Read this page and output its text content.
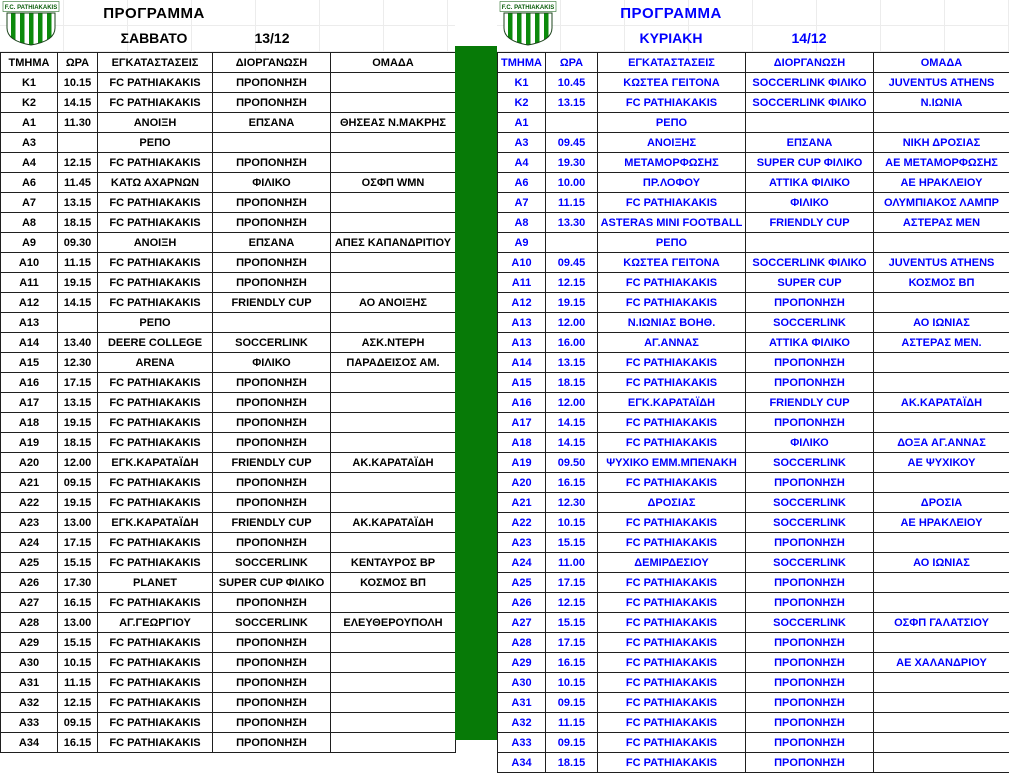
F.C. PATHIAKAKIS	ΠΡΟΓΡΑΜΜΑ
ΣΑΒΒΑΤΟ	13/12
ΤΜΗΜΑ	ΩΡΑ	ΕΓΚΑΤΑΣΤΑΣΕΙΣ	ΔΙΟΡΓΑΝΩΣΗ	ΟΜΑΔΑ
K1	10.15	FC PATHIAKAKIS	ΠΡΟΠΟΝΗΣΗ	
K2	14.15	FC PATHIAKAKIS	ΠΡΟΠΟΝΗΣΗ	
A1	11.30	ΑΝΟΙΞΗ	ΕΠΣΑΝΑ	ΘΗΣΕΑΣ Ν.ΜΑΚΡΗΣ
A3		ΡΕΠΟ		
A4	12.15	FC PATHIAKAKIS	ΠΡΟΠΟΝΗΣΗ	
A6	11.45	ΚΑΤΩ ΑΧΑΡΝΩΝ	ΦΙΛΙΚΟ	ΟΣΦΠ WMN
A7	13.15	FC PATHIAKAKIS	ΠΡΟΠΟΝΗΣΗ	
A8	18.15	FC PATHIAKAKIS	ΠΡΟΠΟΝΗΣΗ	
A9	09.30	ΑΝΟΙΞΗ	ΕΠΣΑΝΑ	ΑΠΕΣ ΚΑΠΑΝΔΡΙΤΙΟΥ
A10	11.15	FC PATHIAKAKIS	ΠΡΟΠΟΝΗΣΗ	
A11	19.15	FC PATHIAKAKIS	ΠΡΟΠΟΝΗΣΗ	
A12	14.15	FC PATHIAKAKIS	FRIENDLY CUP	ΑΟ ΑΝΟΙΞΗΣ
A13		ΡΕΠΟ		
A14	13.40	DEERE COLLEGE	SOCCERLINK	ΑΣΚ.ΝΤΕΡΗ
A15	12.30	ARENA	ΦΙΛΙΚΟ	ΠΑΡΑΔΕΙΣΟΣ ΑΜ.
A16	17.15	FC PATHIAKAKIS	ΠΡΟΠΟΝΗΣΗ	
A17	13.15	FC PATHIAKAKIS	ΠΡΟΠΟΝΗΣΗ	
A18	19.15	FC PATHIAKAKIS	ΠΡΟΠΟΝΗΣΗ	
A19	18.15	FC PATHIAKAKIS	ΠΡΟΠΟΝΗΣΗ	
A20	12.00	ΕΓΚ.ΚΑΡΑΤΑΪΔΗ	FRIENDLY CUP	ΑΚ.ΚΑΡΑΤΑΪΔΗ
A21	09.15	FC PATHIAKAKIS	ΠΡΟΠΟΝΗΣΗ	
A22	19.15	FC PATHIAKAKIS	ΠΡΟΠΟΝΗΣΗ	
A23	13.00	ΕΓΚ.ΚΑΡΑΤΑΪΔΗ	FRIENDLY CUP	ΑΚ.ΚΑΡΑΤΑΪΔΗ
A24	17.15	FC PATHIAKAKIS	ΠΡΟΠΟΝΗΣΗ	
A25	15.15	FC PATHIAKAKIS	SOCCERLINK	ΚΕΝΤΑΥΡΟΣ ΒΡ
A26	17.30	PLANET	SUPER CUP ΦΙΛΙΚΟ	ΚΟΣΜΟΣ ΒΠ
A27	16.15	FC PATHIAKAKIS	ΠΡΟΠΟΝΗΣΗ	
A28	13.00	ΑΓ.ΓΕΩΡΓΙΟΥ	SOCCERLINK	ΕΛΕΥΘΕΡΟΥΠΟΛΗ
A29	15.15	FC PATHIAKAKIS	ΠΡΟΠΟΝΗΣΗ	
A30	10.15	FC PATHIAKAKIS	ΠΡΟΠΟΝΗΣΗ	
A31	11.15	FC PATHIAKAKIS	ΠΡΟΠΟΝΗΣΗ	
A32	12.15	FC PATHIAKAKIS	ΠΡΟΠΟΝΗΣΗ	
A33	09.15	FC PATHIAKAKIS	ΠΡΟΠΟΝΗΣΗ	
A34	16.15	FC PATHIAKAKIS	ΠΡΟΠΟΝΗΣΗ	
F.C. PATHIAKAKIS	ΠΡΟΓΡΑΜΜΑ
ΚΥΡΙΑΚΗ	14/12
ΤΜΗΜΑ	ΩΡΑ	ΕΓΚΑΤΑΣΤΑΣΕΙΣ	ΔΙΟΡΓΑΝΩΣΗ	ΟΜΑΔΑ
K1	10.45	ΚΩΣΤΕΑ ΓΕΙΤΟΝΑ	SOCCERLINK ΦΙΛΙΚΟ	JUVENTUS ATHENS
K2	13.15	FC PATHIAKAKIS	SOCCERLINK ΦΙΛΙΚΟ	Ν.ΙΩΝΙΑ
A1		ΡΕΠΟ		
A3	09.45	ΑΝΟΙΞΗΣ	ΕΠΣΑΝΑ	ΝΙΚΗ ΔΡΟΣΙΑΣ
A4	19.30	ΜΕΤΑΜΟΡΦΩΣΗΣ	SUPER CUP ΦΙΛΙΚΟ	ΑΕ ΜΕΤΑΜΟΡΦΩΣΗΣ
A6	10.00	ΠΡ.ΛΟΦΟΥ	ΑΤΤΙΚΑ ΦΙΛΙΚΟ	ΑΕ ΗΡΑΚΛΕΙΟΥ
A7	11.15	FC PATHIAKAKIS	ΦΙΛΙΚΟ	ΟΛΥΜΠΙΑΚΟΣ ΛΑΜΠΡ
A8	13.30	ASTERAS MINI FOOTBALL	FRIENDLY CUP	ΑΣΤΕΡΑΣ ΜΕΝ
A9		ΡΕΠΟ		
A10	09.45	ΚΩΣΤΕΑ ΓΕΙΤΟΝΑ	SOCCERLINK ΦΙΛΙΚΟ	JUVENTUS ATHENS
A11	12.15	FC PATHIAKAKIS	SUPER CUP	ΚΟΣΜΟΣ ΒΠ
A12	19.15	FC PATHIAKAKIS	ΠΡΟΠΟΝΗΣΗ	
A13	12.00	Ν.ΙΩΝΙΑΣ ΒΟΗΘ.	SOCCERLINK	ΑΟ ΙΩΝΙΑΣ
A13	16.00	ΑΓ.ΑΝΝΑΣ	ΑΤΤΙΚΑ ΦΙΛΙΚΟ	ΑΣΤΕΡΑΣ ΜΕΝ.
A14	13.15	FC PATHIAKAKIS	ΠΡΟΠΟΝΗΣΗ	
A15	18.15	FC PATHIAKAKIS	ΠΡΟΠΟΝΗΣΗ	
A16	12.00	ΕΓΚ.ΚΑΡΑΤΑΪΔΗ	FRIENDLY CUP	ΑΚ.ΚΑΡΑΤΑΪΔΗ
A17	14.15	FC PATHIAKAKIS	ΠΡΟΠΟΝΗΣΗ	
A18	14.15	FC PATHIAKAKIS	ΦΙΛΙΚΟ	ΔΟΞΑ ΑΓ.ΑΝΝΑΣ
A19	09.50	ΨΥΧΙΚΟ ΕΜΜ.ΜΠΕΝΑΚΗ	SOCCERLINK	ΑΕ ΨΥΧΙΚΟΥ
A20	16.15	FC PATHIAKAKIS	ΠΡΟΠΟΝΗΣΗ	
A21	12.30	ΔΡΟΣΙΑΣ	SOCCERLINK	ΔΡΟΣΙΑ
A22	10.15	FC PATHIAKAKIS	SOCCERLINK	ΑΕ ΗΡΑΚΛΕΙΟΥ
A23	15.15	FC PATHIAKAKIS	ΠΡΟΠΟΝΗΣΗ	
A24	11.00	ΔΕΜΙΡΔΕΣΙΟΥ	SOCCERLINK	ΑΟ ΙΩΝΙΑΣ
A25	17.15	FC PATHIAKAKIS	ΠΡΟΠΟΝΗΣΗ	
A26	12.15	FC PATHIAKAKIS	ΠΡΟΠΟΝΗΣΗ	
A27	15.15	FC PATHIAKAKIS	SOCCERLINK	ΟΣΦΠ ΓΑΛΑΤΣΙΟΥ
A28	17.15	FC PATHIAKAKIS	ΠΡΟΠΟΝΗΣΗ	
A29	16.15	FC PATHIAKAKIS	ΠΡΟΠΟΝΗΣΗ	ΑΕ ΧΑΛΑΝΔΡΙΟΥ
A30	10.15	FC PATHIAKAKIS	ΠΡΟΠΟΝΗΣΗ	
A31	09.15	FC PATHIAKAKIS	ΠΡΟΠΟΝΗΣΗ	
A32	11.15	FC PATHIAKAKIS	ΠΡΟΠΟΝΗΣΗ	
A33	09.15	FC PATHIAKAKIS	ΠΡΟΠΟΝΗΣΗ	
A34	18.15	FC PATHIAKAKIS	ΠΡΟΠΟΝΗΣΗ	
